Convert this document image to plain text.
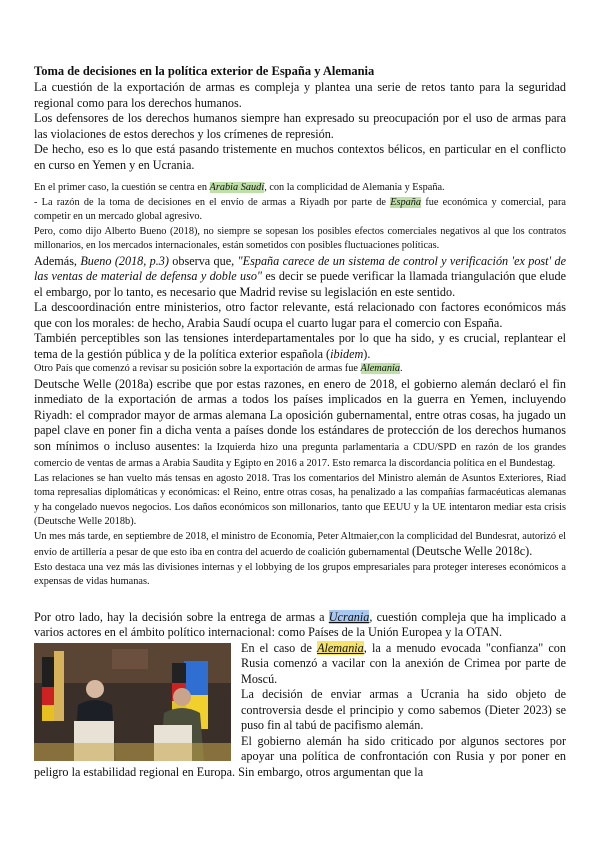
Toma de decisiones en la política exterior de España y Alemania

La cuestión de la exportación de armas es compleja y plantea una serie de retos tanto para la seguridad regional como para los derechos humanos.

Los defensores de los derechos humanos siempre han expresado su preocupación por el uso de armas para las violaciones de estos derechos y los crímenes de represión.

De hecho, eso es lo que está pasando tristemente en muchos contextos bélicos, en particular en el conflicto en curso en Yemen y en Ucrania.

En el primer caso, la cuestión se centra en Arabia Saudí, con la complicidad de Alemania y España.

- La razón de la toma de decisiones en el envío de armas a Riyadh por parte de España fue económica y comercial, para competir en un mercado global agresivo.

Pero, como dijo Alberto Bueno (2018), no siempre se sopesan los posibles efectos comerciales negativos al que los contratos millonarios, en los mercados internacionales, están sometidos con posibles fluctuaciones políticas.

Además, Bueno (2018, p.3) observa que, "España carece de un sistema de control y verificación 'ex post' de las ventas de material de defensa y doble uso" es decir se puede verificar la llamada triangulación que elude el embargo, por lo tanto, es necesario que Madrid revise su legislación en este sentido.

La descoordinación entre ministerios, otro factor relevante, está relacionado con factores económicos más que con los morales: de hecho, Arabia Saudí ocupa el cuarto lugar para el comercio con España.

También perceptibles son las tensiones interdepartamentales por lo que ha sido, y es crucial, replantear el tema de la gestión pública y de la política exterior española (ibidem).

Otro País que comenzó a revisar su posición sobre la exportación de armas fue Alemania.

Deutsche Welle (2018a) escribe que por estas razones, en enero de 2018, el gobierno alemán declaró el fin inmediato de la exportación de armas a todos los países implicados en la guerra en Yemen, incluyendo Riyadh: el comprador mayor de armas alemana La oposición gubernamental, entre otras cosas, ha jugado un papel clave en poner fin a dicha venta a países donde los estándares de protección de los derechos humanos son mínimos o incluso ausentes: la Izquierda hizo una pregunta parlamentaria a CDU/SPD en razón de los grandes comercio de ventas de armas a Arabia Saudita y Egipto en 2016 a 2017. Esto remarca la discordancia política en el Bundestag.

Las relaciones se han vuelto más tensas en agosto 2018. Tras los comentarios del Ministro alemán de Asuntos Exteriores, Riad toma represalias diplomáticas y económicas: el Reino, entre otras cosas, ha penalizado a las compañías farmacéuticas alemanas y ha congelado nuevos negocios. Los daños económicos son millonarios, tanto que EEUU y la UE intentaron mediar esta crisis (Deutsche Welle 2018b).

Un mes más tarde, en septiembre de 2018, el ministro de Economía, Peter Altmaier,con la complicidad del Bundesrat, autorizó el envío de artillería a pesar de que esto iba en contra del acuerdo de coalición gubernamental (Deutsche Welle 2018c).

Esto destaca una vez más las divisiones internas y el lobbying de los grupos empresariales para proteger intereses económicos a expensas de vidas humanas.

Por otro lado, hay la decisión sobre la entrega de armas a Ucrania, cuestión compleja que ha implicado a varios actores en el ámbito político internacional: como Países de la Unión Europea y la OTAN.

En el caso de Alemania, la a menudo evocada "confianza" con Rusia comenzó a vacilar con la anexión de Crimea por parte de Moscú.

La decisión de enviar armas a Ucrania ha sido objeto de controversia desde el principio y como sabemos (Dieter 2023) se puso fin al tabú de pacifismo alemán.

El gobierno alemán ha sido criticado por algunos sectores por apoyar una política de confrontación con Rusia y por poner en peligro la estabilidad regional en Europa. Sin embargo, otros argumentan que la
